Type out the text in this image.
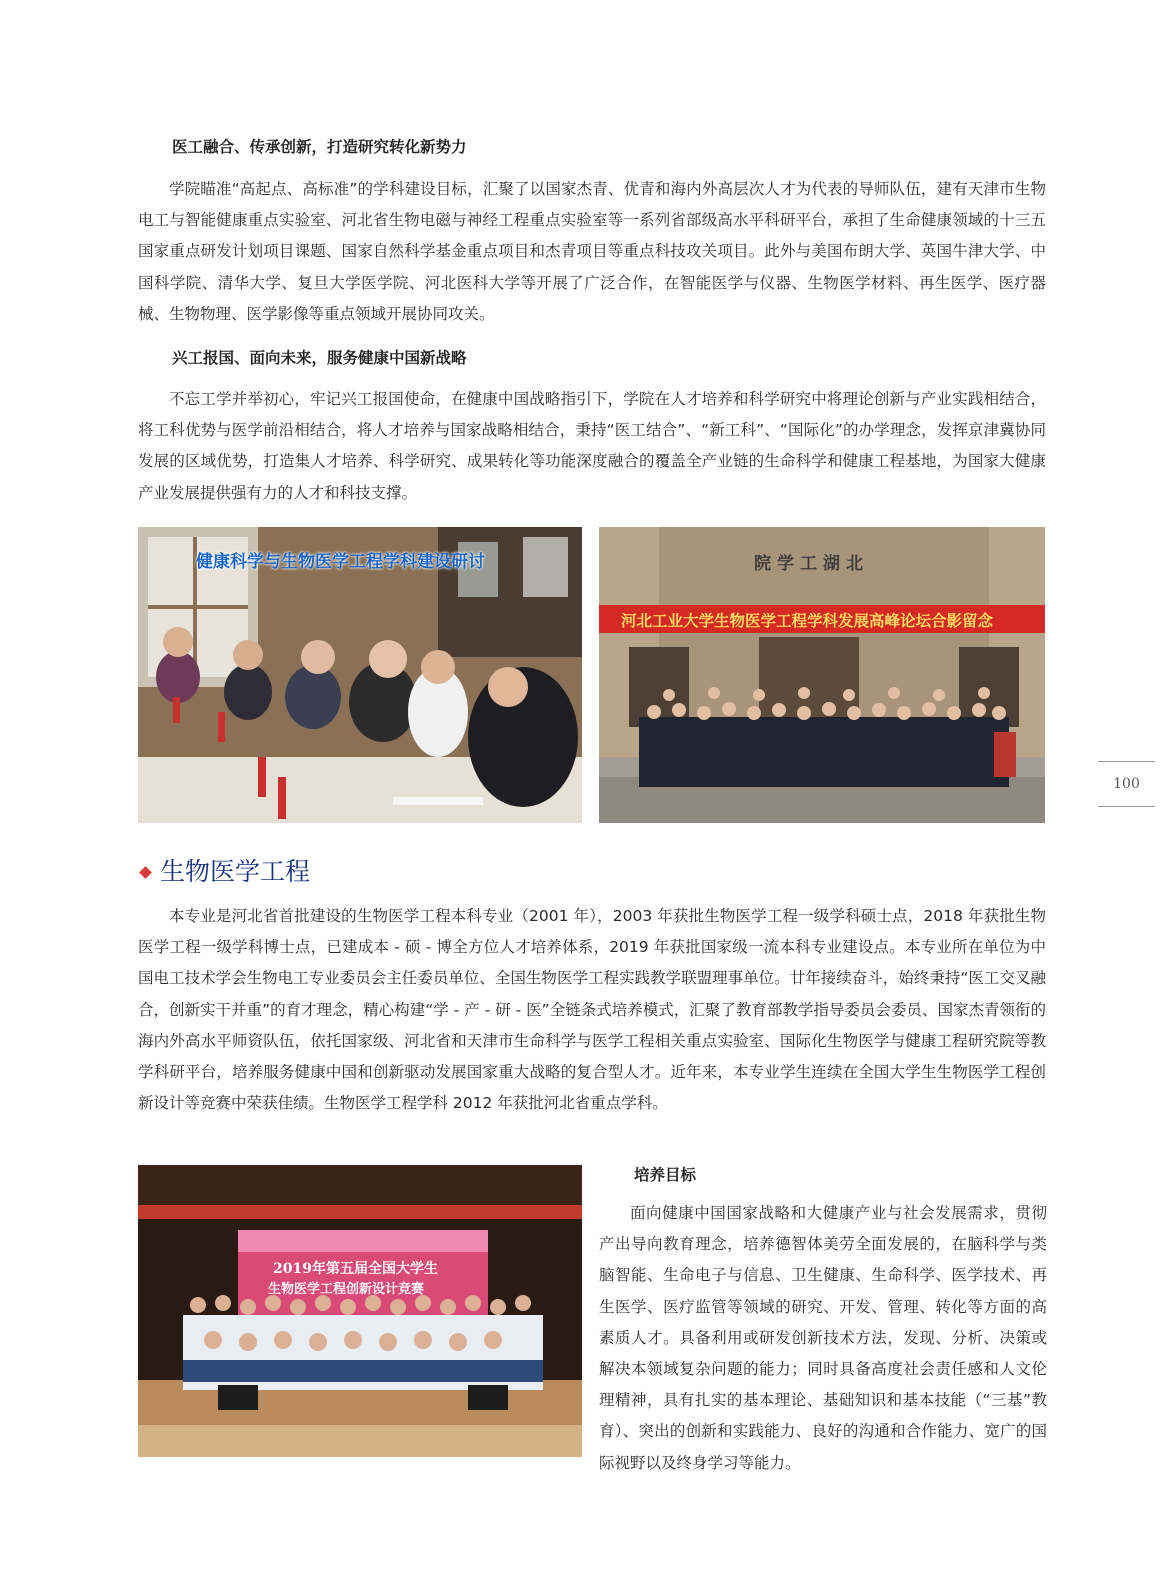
医工融合、传承创新，打造研究转化新势力

学院瞄准“高起点、高标准”的学科建设目标，汇聚了以国家杰青、优青和海内外高层次人才为代表的导师队伍，建有天津市生物电工与智能健康重点实验室、河北省生物电磁与神经工程重点实验室等一系列省部级高水平科研平台，承担了生命健康领域的十三五国家重点研发计划项目课题、国家自然科学基金重点项目和杰青项目等重点科技攻关项目。此外与美国布朗大学、英国牛津大学、中国科学院、清华大学、复旦大学医学院、河北医科大学等开展了广泛合作，在智能医学与仪器、生物医学材料、再生医学、医疗器械、生物物理、医学影像等重点领域开展协同攻关。

兴工报国、面向未来，服务健康中国新战略

不忘工学并举初心，牢记兴工报国使命，在健康中国战略指引下，学院在人才培养和科学研究中将理论创新与产业实践相结合，将工科优势与医学前沿相结合，将人才培养与国家战略相结合，秉持“医工结合”、“新工科”、“国际化”的办学理念，发挥京津冀协同发展的区域优势，打造集人才培养、科学研究、成果转化等功能深度融合的覆盖全产业链的生命科学和健康工程基地，为国家大健康产业发展提供强有力的人才和科技支撑。

健康科学与生物医学工程学科建设研讨	院学工湖北
河北工业大学生物医学工程学科发展高峰论坛合影留念
100
生物医学工程

本专业是河北省首批建设的生物医学工程本科专业（2001 年），2003 年获批生物医学工程一级学科硕士点，2018 年获批生物医学工程一级学科博士点，已建成本 - 硕 - 博全方位人才培养体系，2019 年获批国家级一流本科专业建设点。本专业所在单位为中国电工技术学会生物电工专业委员会主任委员单位、全国生物医学工程实践教学联盟理事单位。廿年接续奋斗，始终秉持“医工交叉融合，创新实干并重”的育才理念，精心构建“学 - 产 - 研 - 医”全链条式培养模式，汇聚了教育部教学指导委员会委员、国家杰青领衔的海内外高水平师资队伍，依托国家级、河北省和天津市生命科学与医学工程相关重点实验室、国际化生物医学与健康工程研究院等教学科研平台，培养服务健康中国和创新驱动发展国家重大战略的复合型人才。近年来，本专业学生连续在全国大学生生物医学工程创新设计等竞赛中荣获佳绩。生物医学工程学科 2012 年获批河北省重点学科。

2019年第五届全国大学生
生物医学工程创新设计竞赛
培养目标

面向健康中国国家战略和大健康产业与社会发展需求，贯彻产出导向教育理念，培养德智体美劳全面发展的，在脑科学与类脑智能、生命电子与信息、卫生健康、生命科学、医学技术、再生医学、医疗监管等领域的研究、开发、管理、转化等方面的高素质人才。具备利用或研发创新技术方法，发现、分析、决策或解决本领域复杂问题的能力；同时具备高度社会责任感和人文伦理精神，具有扎实的基本理论、基础知识和基本技能（“三基”教育）、突出的创新和实践能力、良好的沟通和合作能力、宽广的国际视野以及终身学习等能力。
